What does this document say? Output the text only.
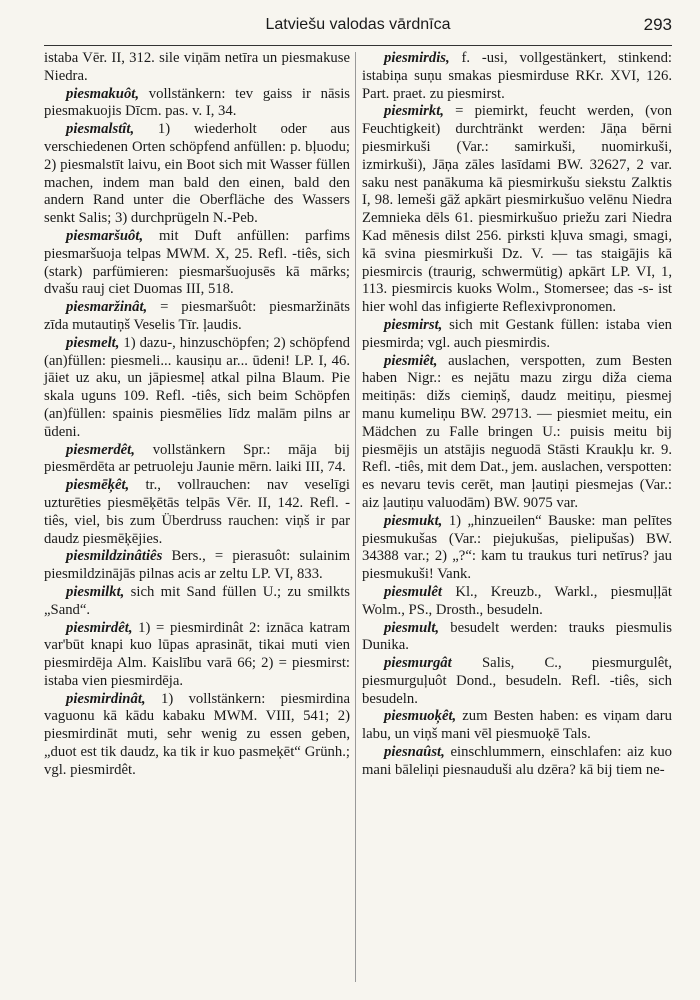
Latviešu valodas vārdnīca	293

istaba Vēr. II, 312. sile viņām netīra un piesmakuse Niedra.

piesmakuôt, vollstänkern: tev gaiss ir nāsis piesmakuojis Dīcm. pas. v. I, 34.

piesmalstît, 1) wiederholt oder aus verschiedenen Orten schöpfend anfüllen: p. bļuodu; 2) piesmalstīt laivu, ein Boot sich mit Wasser füllen machen, indem man bald den einen, bald den andern Rand unter die Oberfläche des Wassers senkt Salis; 3) durchprügeln N.-Peb.

piesmaršuôt, mit Duft anfüllen: parfims piesmaršuoja telpas MWM. X, 25. Refl. -tiês, sich (stark) parfümieren: piesmaršuojusēs kā mārks; dvašu rauj ciet Duomas III, 518.

piesmaržinât, = piesmaršuôt: piesmaržināts zīda mutautiņš Veselis Tīr. ļaudis.

piesmelt, 1) dazu-, hinzuschöpfen; 2) schöpfend (an)füllen: piesmeli... kausiņu ar... ūdeni! LP. I, 46. jāiet uz aku, un jāpiesmeļ atkal pilna Blaum. Pie skala uguns 109. Refl. -tiês, sich beim Schöpfen (an)füllen: spainis piesmēlies līdz malām pilns ar ūdeni.

piesmerdêt, vollstänkern Spr.: māja bij piesmērdēta ar petruoleju Jaunie mērn. laiki III, 74.

piesmēķêt, tr., vollrauchen: nav veselīgi uzturēties piesmēķētās telpās Vēr. II, 142. Refl. -tiês, viel, bis zum Überdruss rauchen: viņš ir par daudz piesmēķējies.

piesmildzinâtiês Bers., = pierasuôt: sulainim piesmildzinājās pilnas acis ar zeltu LP. VI, 833.

piesmilkt, sich mit Sand füllen U.; zu smilkts „Sand“.

piesmirdêt, 1) = piesmirdinât 2: iznāca katram var'būt knapi kuo lūpas aprasināt, tikai muti vien piesmirdēja Alm. Kaislību varā 66; 2) = piesmirst: istaba vien piesmirdēja.

piesmirdinât, 1) vollstänkern: piesmirdina vaguonu kā kādu kabaku MWM. VIII, 541; 2) piesmirdināt muti, sehr wenig zu essen geben, „duot est tik daudz, ka tik ir kuo pasmeķēt“ Grünh.; vgl. piesmirdêt.

piesmirdis, f. -usi, vollgestänkert, stinkend: istabiņa suņu smakas piesmirduse RKr. XVI, 126. Part. praet. zu piesmirst.

piesmirkt, = piemirkt, feucht werden, (von Feuchtigkeit) durchtränkt werden: Jāņa bērni piesmirkuši (Var.: samirkuši, nuomirkuši, izmirkuši), Jāņa zāles lasīdami BW. 32627, 2 var. saku nest panākuma kā piesmirkušu siekstu Zalktis I, 98. lemeši gāž apkārt piesmirkušuo velēnu Niedra Zemnieka dēls 61. piesmirkušuo priežu zari Niedra Kad mēnesis dilst 256. pirksti kļuva smagi, smagi, kā svina piesmirkuši Dz. V. — tas staigājis kā piesmircis (traurig, schwermütig) apkārt LP. VI, 1, 113. piesmircis kuoks Wolm., Stomersee; das -s- ist hier wohl das infigierte Reflexivpronomen.

piesmirst, sich mit Gestank füllen: istaba vien piesmirda; vgl. auch piesmirdis.

piesmiêt, auslachen, verspotten, zum Besten haben Nigr.: es nejātu mazu zirgu diža ciema meitiņās: dižs ciemiņš, daudz meitiņu, piesmej manu kumeliņu BW. 29713. — piesmiet meitu, ein Mädchen zu Falle bringen U.: puisis meitu bij piesmējis un atstājis neguodā Stāsti Kraukļu kr. 9. Refl. -tiês, mit dem Dat., jem. auslachen, verspotten: es nevaru tevis cerēt, man ļautiņi piesmejas (Var.: aiz ļautiņu valuodām) BW. 9075 var.

piesmukt, 1) „hinzueilen“ Bauske: man pelītes piesmukušas (Var.: piejukušas, pielipušas) BW. 34388 var.; 2) „?“: kam tu traukus turi netīrus? jau piesmukuši! Vank.

piesmulêt Kl., Kreuzb., Warkl., piesmuļļāt Wolm., PS., Drosth., besudeln.

piesmult, besudelt werden: trauks piesmulis Dunika.

piesmurgât Salis, C., piesmurgulêt, piesmurguļuôt Dond., besudeln. Refl. -tiês, sich besudeln.

piesmuoķêt, zum Besten haben: es viņam daru labu, un viņš mani vēl piesmuoķē Tals.

piesnaûst, einschlummern, einschlafen: aiz kuo mani bāleliņi piesnauduši alu dzēra? kā bij tiem ne-
